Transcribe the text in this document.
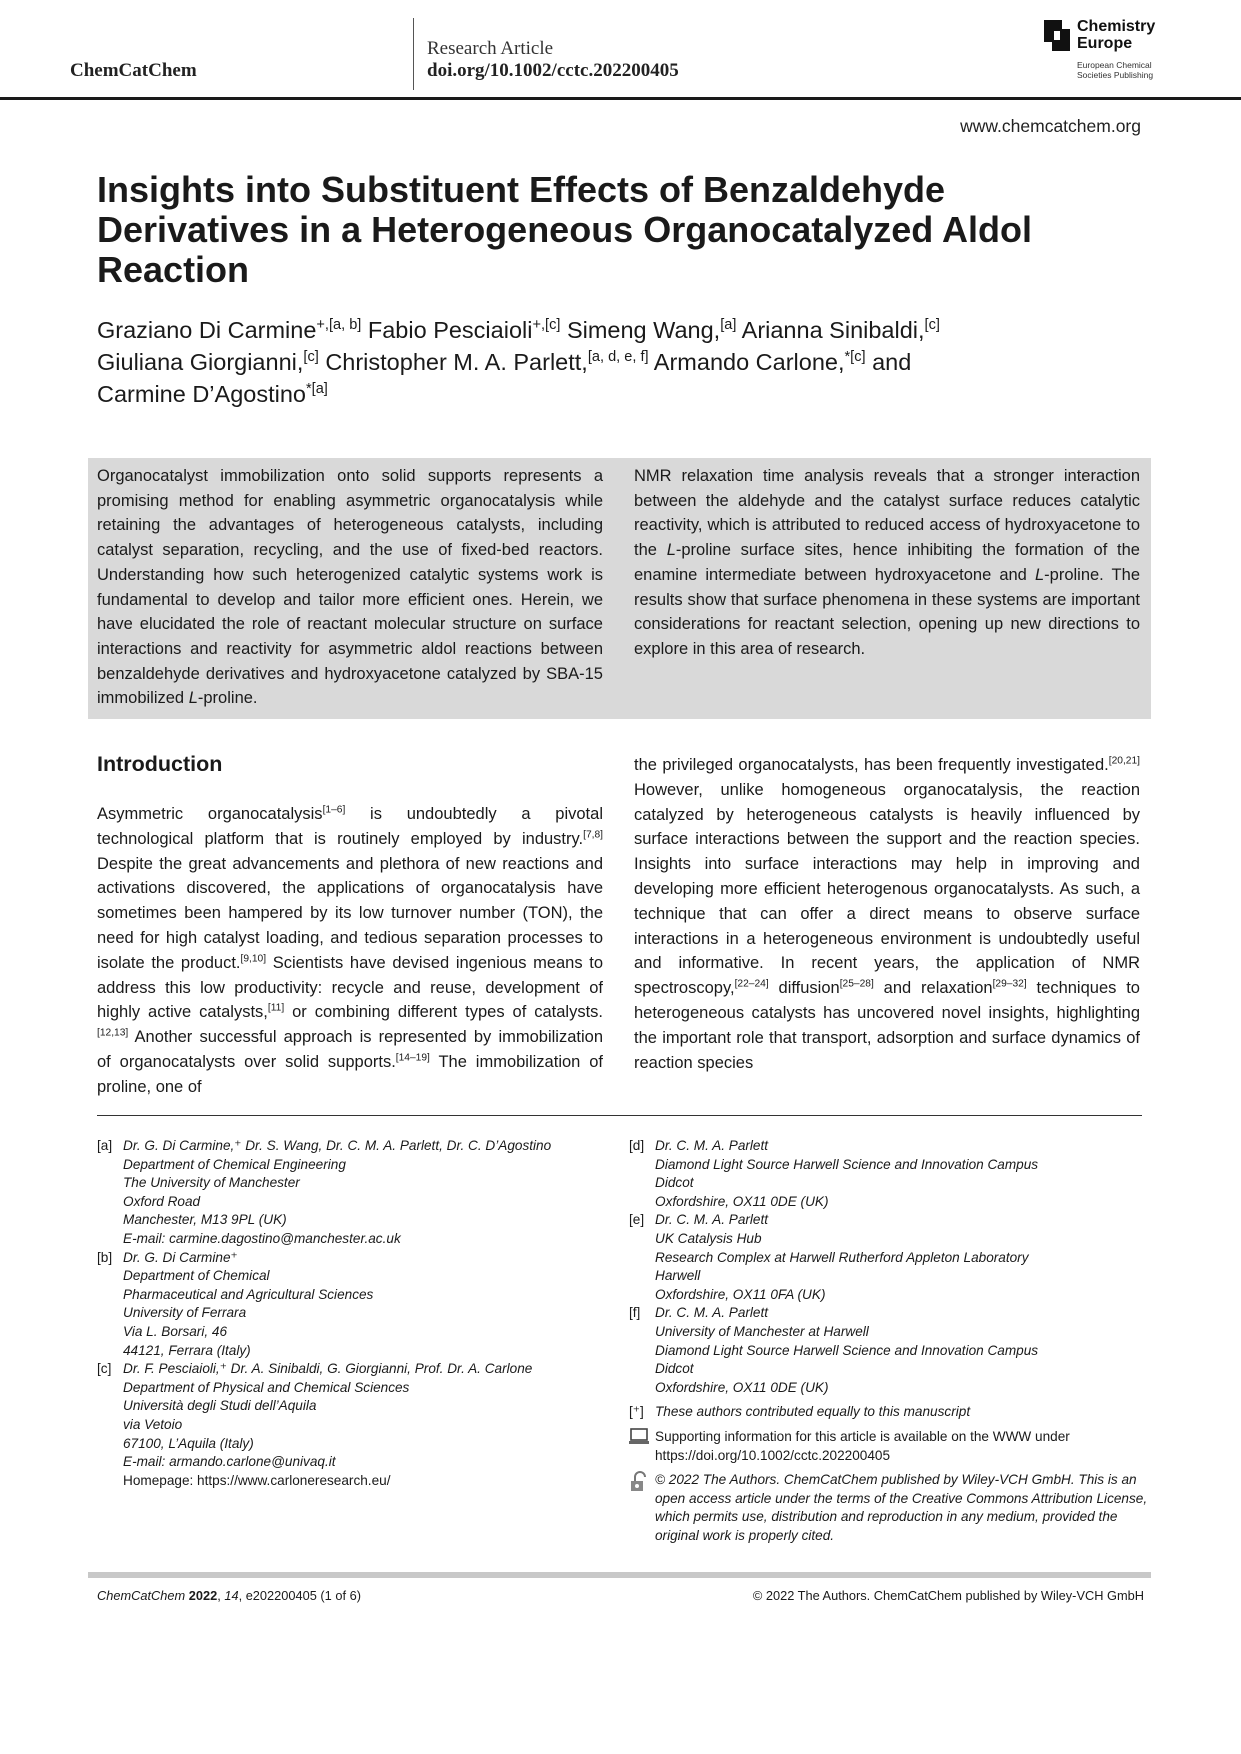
ChemCatChem
Research Article
doi.org/10.1002/cctc.202200405
Chemistry
Europe
European Chemical
Societies Publishing
www.chemcatchem.org
Insights into Substituent Effects of Benzaldehyde Derivatives in a Heterogeneous Organocatalyzed Aldol Reaction
Graziano Di Carmine$^{+,[a, b]}$ Fabio Pesciaioli$^{+,[c]}$ Simeng Wang,[a] Arianna Sinibaldi,[c]
Giuliana Giorgianni,[c] Christopher M. A. Parlett,[a, d, e, f] Armando Carlone,$^{*[c]}$ and
Carmine D’Agostino$^{*[a]}$
Organocatalyst immobilization onto solid supports represents a promising method for enabling asymmetric organocatalysis while retaining the advantages of heterogeneous catalysts, including catalyst separation, recycling, and the use of fixed-bed reactors. Understanding how such heterogenized catalytic systems work is fundamental to develop and tailor more efficient ones. Herein, we have elucidated the role of reactant molecular structure on surface interactions and reactivity for asymmetric aldol reactions between benzaldehyde derivatives and hydroxyacetone catalyzed by SBA-15 immobilized L-proline.
NMR relaxation time analysis reveals that a stronger interaction between the aldehyde and the catalyst surface reduces catalytic reactivity, which is attributed to reduced access of hydroxyacetone to the L-proline surface sites, hence inhibiting the formation of the enamine intermediate between hydroxyacetone and L-proline. The results show that surface phenomena in these systems are important considerations for reactant selection, opening up new directions to explore in this area of research.
Introduction
Asymmetric organocatalysis[1–6] is undoubtedly a pivotal technological platform that is routinely employed by industry.[7,8] Despite the great advancements and plethora of new reactions and activations discovered, the applications of organocatalysis have sometimes been hampered by its low turnover number (TON), the need for high catalyst loading, and tedious separation processes to isolate the product.[9,10] Scientists have devised ingenious means to address this low productivity: recycle and reuse, development of highly active catalysts,[11] or combining different types of catalysts.[12,13] Another successful approach is represented by immobilization of organocatalysts over solid supports.[14–19] The immobilization of proline, one of
the privileged organocatalysts, has been frequently investigated.[20,21] However, unlike homogeneous organocatalysis, the reaction catalyzed by heterogeneous catalysts is heavily influenced by surface interactions between the support and the reaction species. Insights into surface interactions may help in improving and developing more efficient heterogenous organocatalysts. As such, a technique that can offer a direct means to observe surface interactions in a heterogeneous environment is undoubtedly useful and informative. In recent years, the application of NMR spectroscopy,[22–24] diffusion[25–28] and relaxation[29–32] techniques to heterogeneous catalysts has uncovered novel insights, highlighting the important role that transport, adsorption and surface dynamics of reaction species
[a] Dr. G. Di Carmine,⁺ Dr. S. Wang, Dr. C. M. A. Parlett, Dr. C. D’Agostino
Department of Chemical Engineering
The University of Manchester
Oxford Road
Manchester, M13 9PL (UK)
E-mail: carmine.dagostino@manchester.ac.uk
[b] Dr. G. Di Carmine⁺
Department of Chemical
Pharmaceutical and Agricultural Sciences
University of Ferrara
Via L. Borsari, 46
44121, Ferrara (Italy)
[c] Dr. F. Pesciaioli,⁺ Dr. A. Sinibaldi, G. Giorgianni, Prof. Dr. A. Carlone
Department of Physical and Chemical Sciences
Università degli Studi dell’Aquila
via Vetoio
67100, L’Aquila (Italy)
E-mail: armando.carlone@univaq.it
Homepage: https://www.carloneresearch.eu/
[d] Dr. C. M. A. Parlett
Diamond Light Source Harwell Science and Innovation Campus
Didcot
Oxfordshire, OX11 0DE (UK)
[e] Dr. C. M. A. Parlett
UK Catalysis Hub
Research Complex at Harwell Rutherford Appleton Laboratory
Harwell
Oxfordshire, OX11 0FA (UK)
[f]	Dr. C. M. A. Parlett
University of Manchester at Harwell
Diamond Light Source Harwell Science and Innovation Campus
Didcot
Oxfordshire, OX11 0DE (UK)
[⁺] These authors contributed equally to this manuscript
Supporting information for this article is available on the WWW under
https://doi.org/10.1002/cctc.202200405
© 2022 The Authors. ChemCatChem published by Wiley-VCH GmbH. This is an open access article under the terms of the Creative Commons Attribution License, which permits use, distribution and reproduction in any medium, provided the original work is properly cited.
ChemCatChem 2022, 14, e202200405 (1 of 6)	© 2022 The Authors. ChemCatChem published by Wiley-VCH GmbH
